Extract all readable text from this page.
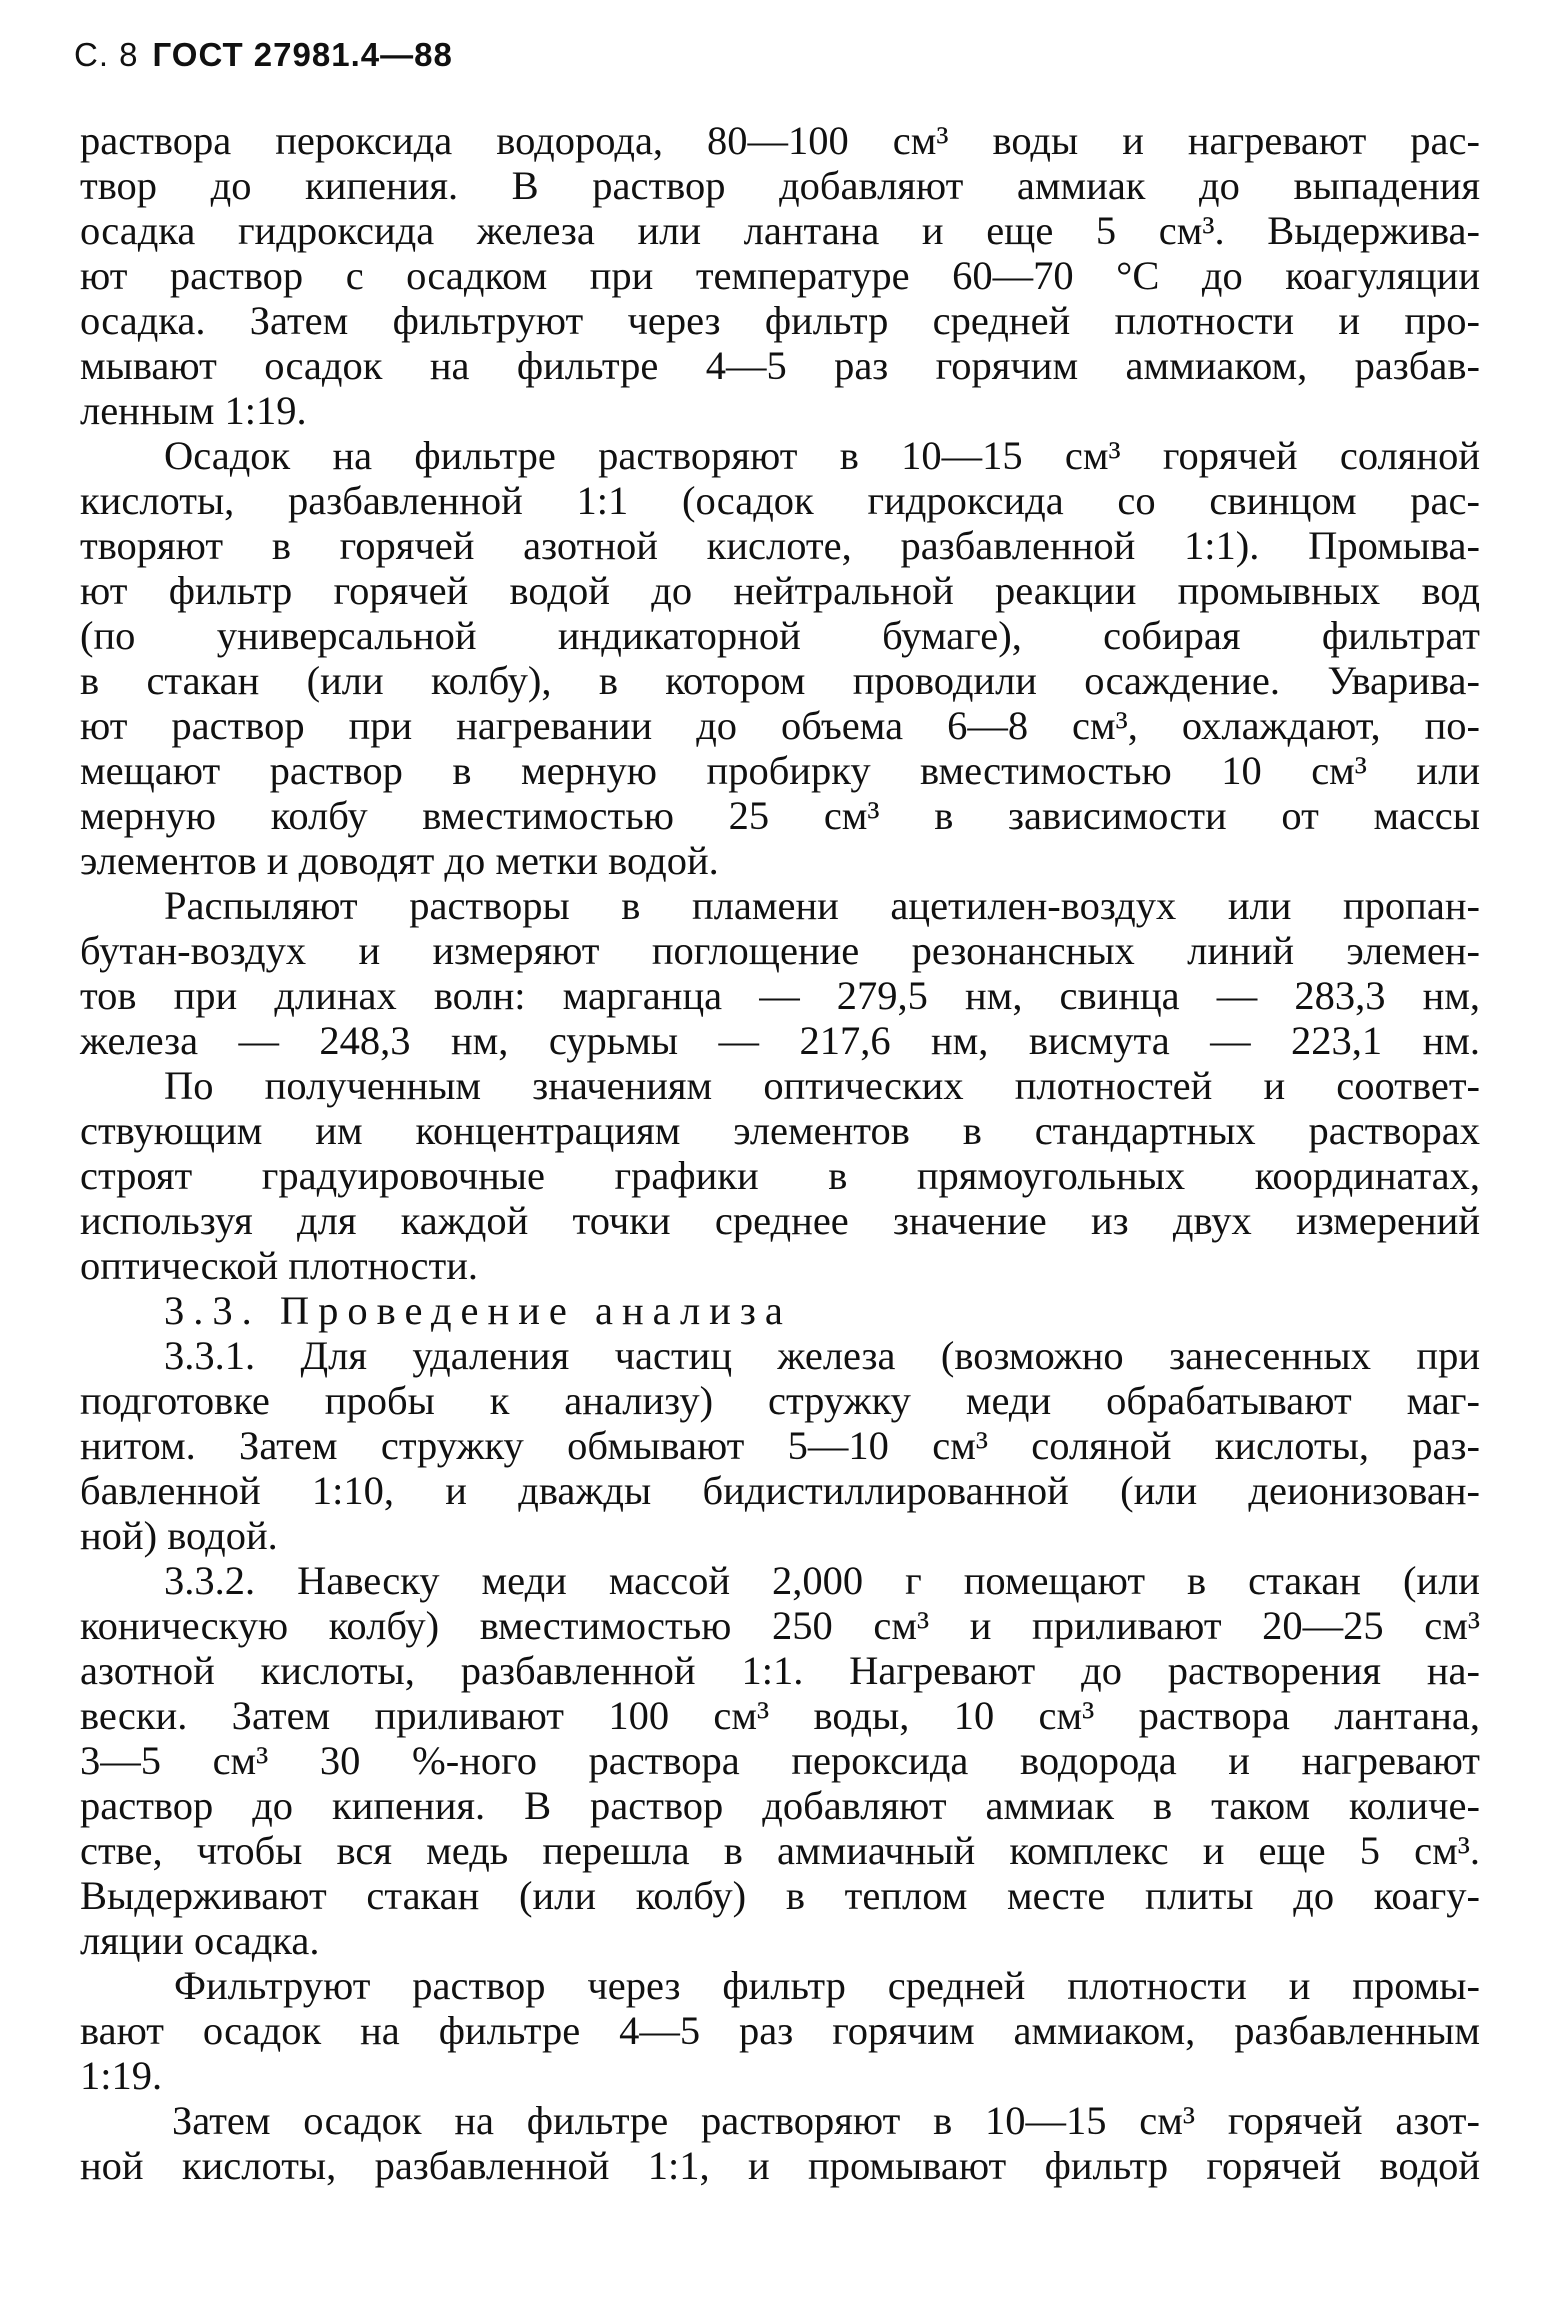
С. 8 ГОСТ 27981.4—88
раствора пероксида водорода, 80—100 см³ воды и нагревают рас-
твор до кипения. В раствор добавляют аммиак до выпадения
осадка гидроксида железа или лантана и еще 5 см³. Выдержива-
ют раствор с осадком при температуре 60—70 °С до коагуляции
осадка. Затем фильтруют через фильтр средней плотности и про-
мывают осадок на фильтре 4—5 раз горячим аммиаком, разбав-
ленным 1:19.
Осадок на фильтре растворяют в 10—15 см³ горячей соляной
кислоты, разбавленной 1:1 (осадок гидроксида со свинцом рас-
творяют в горячей азотной кислоте, разбавленной 1:1). Промыва-
ют фильтр горячей водой до нейтральной реакции промывных вод
(по универсальной индикаторной бумаге), собирая фильтрат
в стакан (или колбу), в котором проводили осаждение. Уварива-
ют раствор при нагревании до объема 6—8 см³, охлаждают, по-
мещают раствор в мерную пробирку вместимостью 10 см³ или
мерную колбу вместимостью 25 см³ в зависимости от массы
элементов и доводят до метки водой.
Распыляют растворы в пламени ацетилен-воздух или пропан-
бутан-воздух и измеряют поглощение резонансных линий элемен-
тов при длинах волн: марганца — 279,5 нм, свинца — 283,3 нм,
железа — 248,3 нм, сурьмы — 217,6 нм, висмута — 223,1 нм.
По полученным значениям оптических плотностей и соответ-
ствующим им концентрациям элементов в стандартных растворах
строят градуировочные графики в прямоугольных координатах,
используя для каждой точки среднее значение из двух измерений
оптической плотности.
3.3. Проведение анализа
3.3.1. Для удаления частиц железа (возможно занесенных при
подготовке пробы к анализу) стружку меди обрабатывают маг-
нитом. Затем стружку обмывают 5—10 см³ соляной кислоты, раз-
бавленной 1:10, и дважды бидистиллированной (или деионизован-
ной) водой.
3.3.2. Навеску меди массой 2,000 г помещают в стакан (или
коническую колбу) вместимостью 250 см³ и приливают 20—25 см³
азотной кислоты, разбавленной 1:1. Нагревают до растворения на-
вески. Затем приливают 100 см³ воды, 10 см³ раствора лантана,
3—5 см³ 30 %-ного раствора пероксида водорода и нагревают
раствор до кипения. В раствор добавляют аммиак в таком количе-
стве, чтобы вся медь перешла в аммиачный комплекс и еще 5 см³.
Выдерживают стакан (или колбу) в теплом месте плиты до коагу-
ляции осадка.
Фильтруют раствор через фильтр средней плотности и промы-
вают осадок на фильтре 4—5 раз горячим аммиаком, разбавленным
1:19.
Затем осадок на фильтре растворяют в 10—15 см³ горячей азот-
ной кислоты, разбавленной 1:1, и промывают фильтр горячей водой
